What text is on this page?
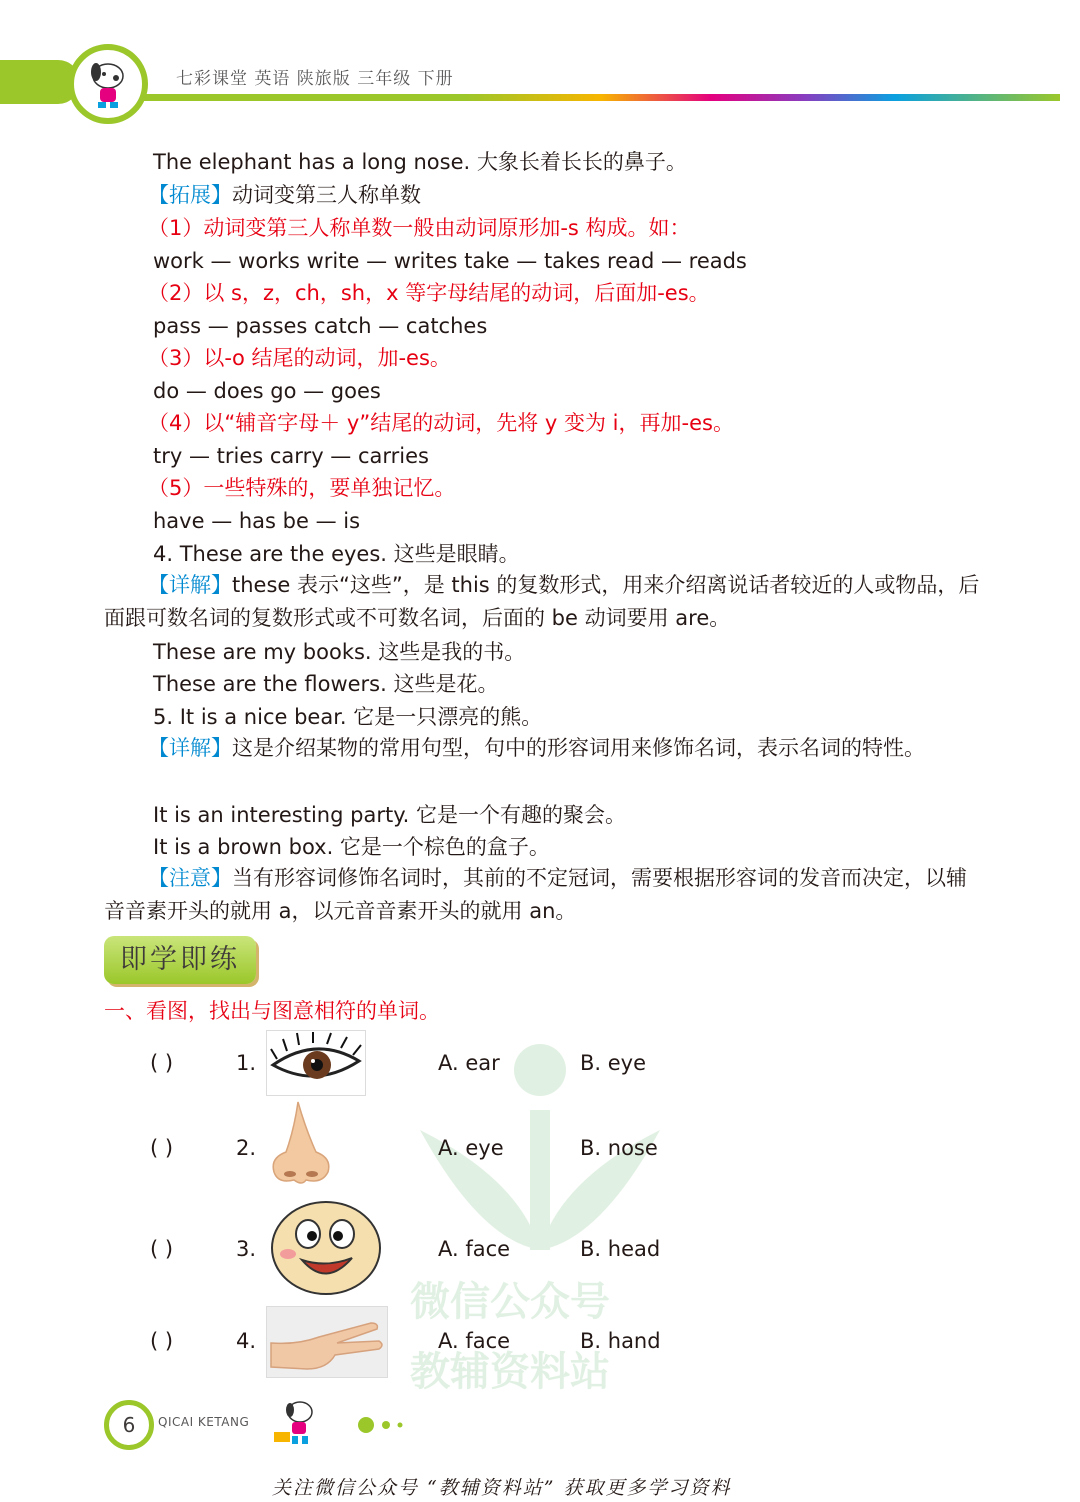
七彩课堂 英语 陕旅版 三年级 下册
The elephant has a long nose. 大象长着长长的鼻子。
【拓展】动词变第三人称单数
（1）动词变第三人称单数一般由动词原形加-s 构成。如：
work — works write — writes take — takes read — reads
（2）以 s，z，ch，sh，x 等字母结尾的动词，后面加-es。
pass — passes catch — catches
（3）以-o 结尾的动词，加-es。
do — does go — goes
（4）以“辅音字母＋ y”结尾的动词，先将 y 变为 i，再加-es。
try — tries carry — carries
（5）一些特殊的，要单独记忆。
have — has be — is
4. These are the eyes. 这些是眼睛。
【详解】these 表示“这些”，是 this 的复数形式，用来介绍离说话者较近的人或物品，后面跟可数名词的复数形式或不可数名词，后面的 be 动词要用 are。
These are my books. 这些是我的书。
These are the flowers. 这些是花。
5. It is a nice bear. 它是一只漂亮的熊。
【详解】这是介绍某物的常用句型，句中的形容词用来修饰名词，表示名词的特性。
It is an interesting party. 它是一个有趣的聚会。
It is a brown box. 它是一个棕色的盒子。
【注意】当有形容词修饰名词时，其前的不定冠词，需要根据形容词的发音而决定，以辅音音素开头的就用 a，以元音音素开头的就用 an。
即学即练
一、看图，找出与图意相符的单词。
微信公众号
教辅资料站
( )	1.	A. ear	B. eye
( )	2.	A. eye	B. nose
( )	3.	A. face	B. head
( )	4.	A. face	B. hand
6	QICAI KETANG
关注微信公众号 “教辅资料站” 获取更多学习资料
